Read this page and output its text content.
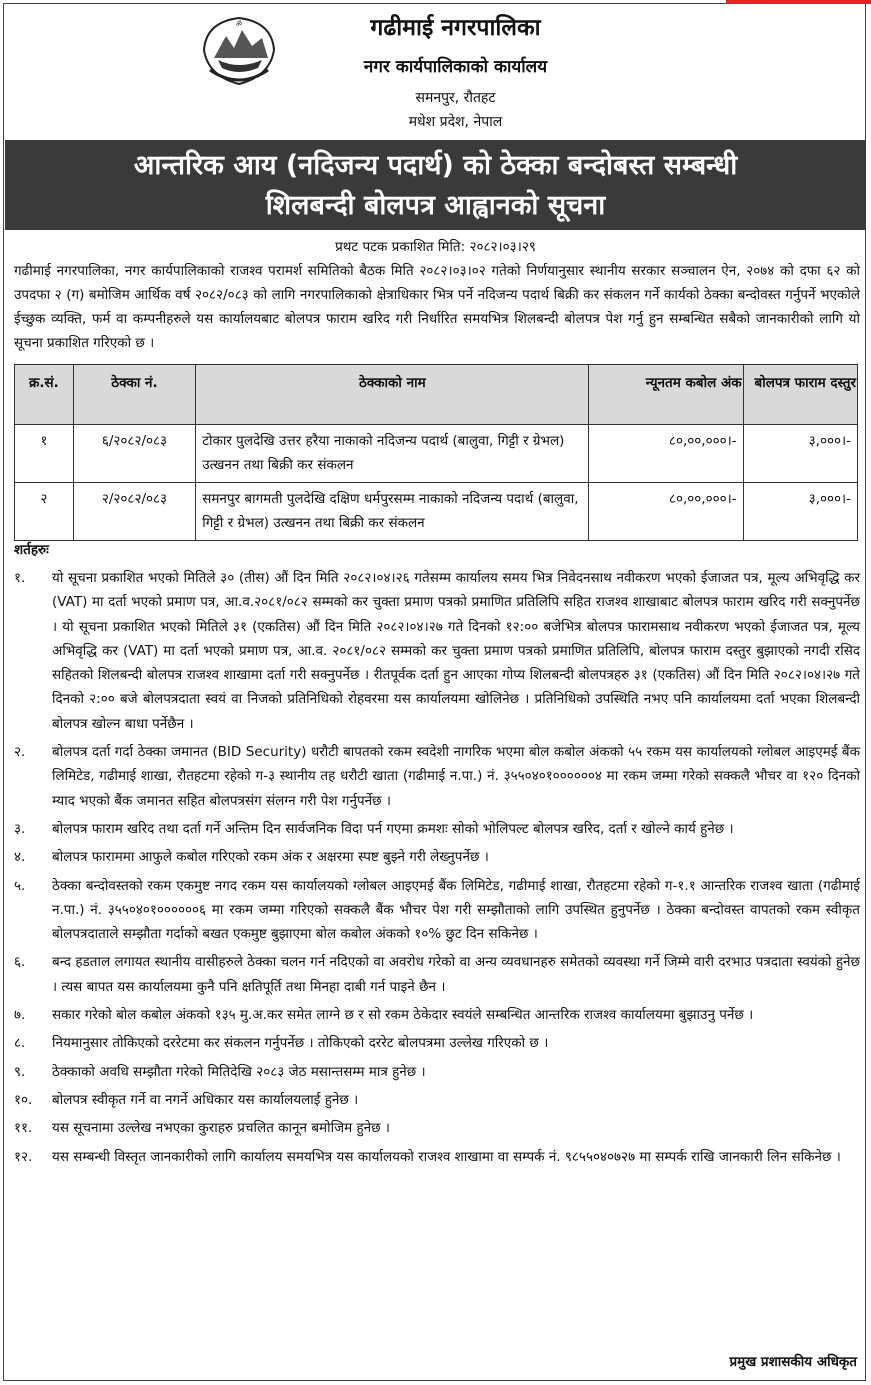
ॐ	गढीमाई नगरपालिका
नगर कार्यपालिकाको कार्यालय
समनपुर, रौतहट
मधेश प्रदेश, नेपाल
आन्तरिक आय (नदिजन्य पदार्थ) को ठेक्का बन्दोबस्त सम्बन्धी
शिलबन्दी बोलपत्र आह्वानको सूचना
प्रथट पटक प्रकाशित मिति: २०८२।०३।२९
गढीमाई नगरपालिका, नगर कार्यपालिकाको राजश्व परामर्श समितिको बैठक मिति २०८२।०३।०२ गतेको निर्णयानुसार स्थानीय सरकार सञ्चालन ऐन, २०७४ को दफा ६२ को उपदफा २ (ग) बमोजिम आर्थिक वर्ष २०८२/०८३ को लागि नगरपालिकाको क्षेत्राधिकार भित्र पर्ने नदिजन्य पदार्थ बिक्री कर संकलन गर्ने कार्यको ठेक्का बन्दोवस्त गर्नुपर्ने भएकोले ईच्छुक व्यक्ति, फर्म वा कम्पनीहरुले यस कार्यालयबाट बोलपत्र फाराम खरिद गरी निर्धारित समयभित्र शिलबन्दी बोलपत्र पेश गर्नु हुन सम्बन्धित सबैको जानकारीको लागि यो सूचना प्रकाशित गरिएको छ ।
क्र.सं.	ठेक्का नं.	ठेक्काको नाम	न्यूनतम कबोल अंक	बोलपत्र फाराम दस्तुर
१	६/२०८२/०८३	टोकार पुलदेखि उत्तर हरैया नाकाको नदिजन्य पदार्थ (बालुवा, गिट्टी र ग्रेभल) उत्खनन तथा बिक्री कर संकलन	८०,००,०००।-	३,०००।-
२	२/२०८२/०८३	समनपुर बागमती पुलदेखि दक्षिण धर्मपुरसम्म नाकाको नदिजन्य पदार्थ (बालुवा, गिट्टी र ग्रेभल) उत्खनन तथा बिक्री कर संकलन	८०,००,०००।-	३,०००।-
शर्तहरुः
१.	यो सूचना प्रकाशित भएको मितिले ३० (तीस) औं दिन मिति २०८२।०४।२६ गतेसम्म कार्यालय समय भित्र निवेदनसाथ नवीकरण भएको ईजाजत पत्र, मूल्य अभिवृद्धि कर (VAT) मा दर्ता भएको प्रमाण पत्र, आ.व.२०८१/०८२ सम्मको कर चुक्ता प्रमाण पत्रको प्रमाणित प्रतिलिपि सहित राजश्व शाखाबाट बोलपत्र फाराम खरिद गरी सक्नुपर्नेछ । यो सूचना प्रकाशित भएको मितिले ३१ (एकतिस) औं दिन मिति २०८२।०४।२७ गते दिनको १२:०० बजेभित्र बोलपत्र फारामसाथ नवीकरण भएको ईजाजत पत्र, मूल्य अभिवृद्धि कर (VAT) मा दर्ता भएको प्रमाण पत्र, आ.व. २०८१/०८२ सम्मको कर चुक्ता प्रमाण पत्रको प्रमाणित प्रतिलिपि, बोलपत्र फाराम दस्तुर बुझाएको नगदी रसिद सहितको शिलबन्दी बोलपत्र राजश्व शाखामा दर्ता गरी सक्नुपर्नेछ । रीतपूर्वक दर्ता हुन आएका गोप्य शिलबन्दी बोलपत्रहरु ३१ (एकतिस) औं दिन मिति २०८२।०४।२७ गते दिनको २:०० बजे बोलपत्रदाता स्वयं वा निजको प्रतिनिधिको रोहवरमा यस कार्यालयमा खोलिनेछ । प्रतिनिधिको उपस्थिति नभए पनि कार्यालयमा दर्ता भएका शिलबन्दी बोलपत्र खोल्न बाधा पर्नेछैन ।
२.	बोलपत्र दर्ता गर्दा ठेक्का जमानत (BID Security) धरौटी बापतको रकम स्वदेशी नागरिक भएमा बोल कबोल अंकको ५५ रकम यस कार्यालयको ग्लोबल आइएमई बैंक लिमिटेड, गढीमाई शाखा, रौतहटमा रहेको ग-३ स्थानीय तह धरौटी खाता (गढीमाई न.पा.) नं. ३५५०४०१००००००४ मा रकम जम्मा गरेको सक्कलै भौचर वा १२० दिनको म्याद भएको बैंक जमानत सहित बोलपत्रसंग संलग्न गरी पेश गर्नुपर्नेछ ।
३.	बोलपत्र फाराम खरिद तथा दर्ता गर्ने अन्तिम दिन सार्वजनिक विदा पर्न गएमा क्रमशः सोको भोलिपल्ट बोलपत्र खरिद, दर्ता र खोल्ने कार्य हुनेछ ।
४.	बोलपत्र फाराममा आफुले कबोल गरिएको रकम अंक र अक्षरमा स्पष्ट बुझ्ने गरी लेख्नुपर्नेछ ।
५.	ठेक्का बन्दोवस्तको रकम एकमुष्ट नगद रकम यस कार्यालयको ग्लोबल आइएमई बैंक लिमिटेड, गढीमाई शाखा, रौतहटमा रहेको ग-१.१ आन्तरिक राजश्व खाता (गढीमाई न.पा.) नं. ३५५०४०१००००००६ मा रकम जम्मा गरिएको सक्कलै बैंक भौचर पेश गरी सम्झौताको लागि उपस्थित हुनुपर्नेछ । ठेक्का बन्दोवस्त वापतको रकम स्वीकृत बोलपत्रदाताले सम्झौता गर्दाको बखत एकमुष्ट बुझाएमा बोल कबोल अंकको १०% छुट दिन सकिनेछ ।
६.	बन्द हडताल लगायत स्थानीय वासीहरुले ठेक्का चलन गर्न नदिएको वा अवरोध गरेको वा अन्य व्यवधानहरु समेतको व्यवस्था गर्ने जिम्मे वारी दरभाउ पत्रदाता स्वयंको हुनेछ । त्यस बापत यस कार्यालयमा कुनै पनि क्षतिपूर्ति तथा मिनहा दाबी गर्न पाइने छैन ।
७.	सकार गरेको बोल कबोल अंकको १३५ मु.अ.कर समेत लाग्ने छ र सो रकम ठेकेदार स्वयंले सम्बन्धित आन्तरिक राजश्व कार्यालयमा बुझाउनु पर्नेछ ।
८.	नियमानुसार तोकिएको दररेटमा कर संकलन गर्नुपर्नेछ । तोकिएको दररेट बोलपत्रमा उल्लेख गरिएको छ ।
९.	ठेक्काको अवधि सम्झौता गरेको मितिदेखि २०८३ जेठ मसान्तसम्म मात्र हुनेछ ।
१०.	बोलपत्र स्वीकृत गर्ने वा नगर्ने अधिकार यस कार्यालयलाई हुनेछ ।
११.	यस सूचनामा उल्लेख नभएका कुराहरु प्रचलित कानून बमोजिम हुनेछ ।
१२.	यस सम्बन्धी विस्तृत जानकारीको लागि कार्यालय समयभित्र यस कार्यालयको राजश्व शाखामा वा सम्पर्क नं. ९८५५०४०७२७ मा सम्पर्क राखि जानकारी लिन सकिनेछ ।
प्रमुख प्रशासकीय अधिकृत
